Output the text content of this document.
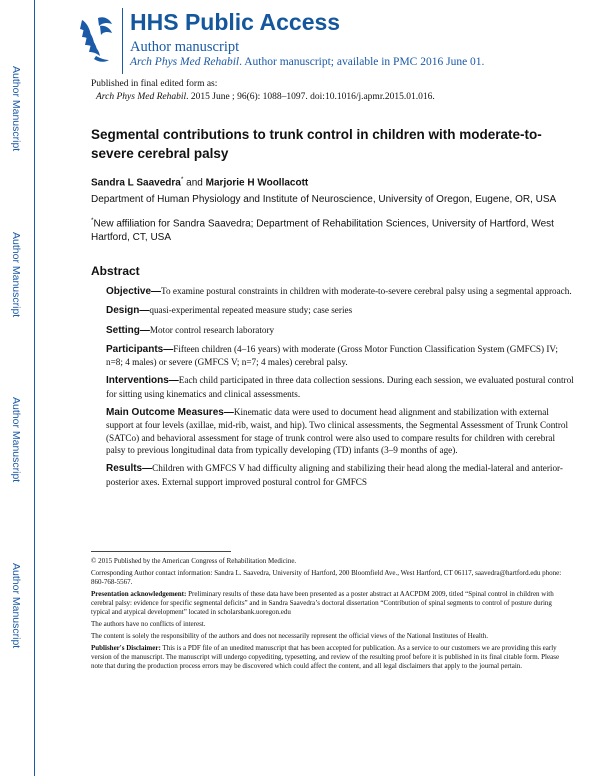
Author Manuscript
Author Manuscript
Author Manuscript
Author Manuscript
HHS Public Access
Author manuscript
Arch Phys Med Rehabil. Author manuscript; available in PMC 2016 June 01.
Published in final edited form as:
Arch Phys Med Rehabil. 2015 June ; 96(6): 1088–1097. doi:10.1016/j.apmr.2015.01.016.
Segmental contributions to trunk control in children with moderate-to-severe cerebral palsy
Sandra L Saavedra* and Marjorie H Woollacott
Department of Human Physiology and Institute of Neuroscience, University of Oregon, Eugene, OR, USA
*New affiliation for Sandra Saavedra; Department of Rehabilitation Sciences, University of Hartford, West Hartford, CT, USA
Abstract

Objective—To examine postural constraints in children with moderate-to-severe cerebral palsy using a segmental approach.

Design—quasi-experimental repeated measure study; case series

Setting—Motor control research laboratory

Participants—Fifteen children (4–16 years) with moderate (Gross Motor Function Classification System (GMFCS) IV; n=8; 4 males) or severe (GMFCS V; n=7; 4 males) cerebral palsy.

Interventions—Each child participated in three data collection sessions. During each session, we evaluated postural control for sitting using kinematics and clinical assessments.

Main Outcome Measures—Kinematic data were used to document head alignment and stabilization with external support at four levels (axillae, mid-rib, waist, and hip). Two clinical assessments, the Segmental Assessment of Trunk Control (SATCo) and behavioral assessment for stage of trunk control were also used to compare results for children with cerebral palsy to previous longitudinal data from typically developing (TD) infants (3–9 months of age).

Results—Children with GMFCS V had difficulty aligning and stabilizing their head along the medial-lateral and anterior-posterior axes. External support improved postural control for GMFCS

© 2015 Published by the American Congress of Rehabilitation Medicine.
Corresponding Author contact information: Sandra L. Saavedra, University of Hartford, 200 Bloomfield Ave., West Hartford, CT 06117, saavedra@hartford.edu phone: 860-768-5567.
Presentation acknowledgement: Preliminary results of these data have been presented as a poster abstract at AACPDM 2009, titled “Spinal control in children with cerebral palsy: evidence for specific segmental deficits” and in Sandra Saavedra’s doctoral dissertation “Contribution of spinal segments to control of posture during typical and atypical development” located in scholarsbank.uoregon.edu
The authors have no conflicts of interest.
The content is solely the responsibility of the authors and does not necessarily represent the official views of the National Institutes of Health.
Publisher's Disclaimer: This is a PDF file of an unedited manuscript that has been accepted for publication. As a service to our customers we are providing this early version of the manuscript. The manuscript will undergo copyediting, typesetting, and review of the resulting proof before it is published in its final citable form. Please note that during the production process errors may be discovered which could affect the content, and all legal disclaimers that apply to the journal pertain.
